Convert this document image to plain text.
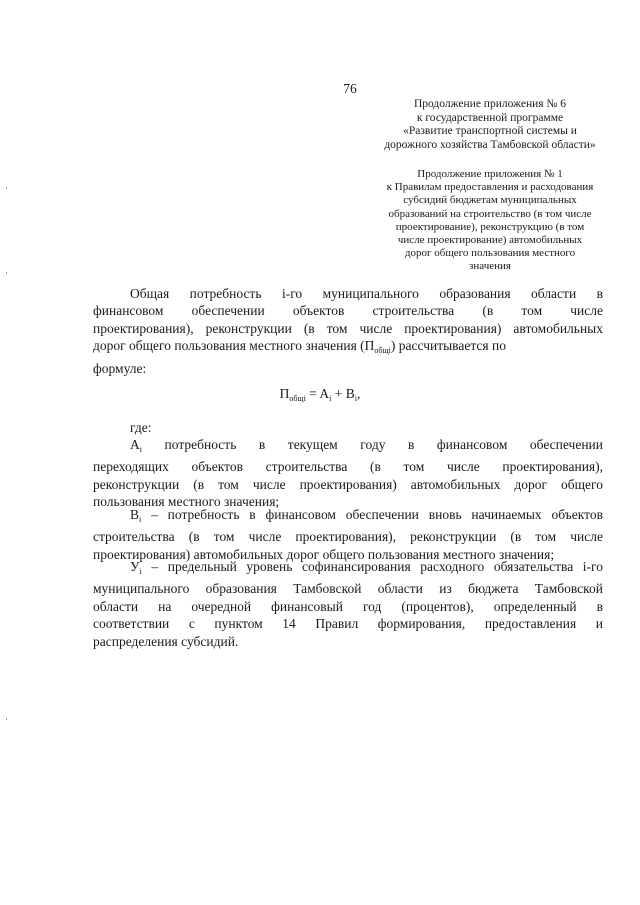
76
Продолжение приложения № 6
к государственной программе
«Развитие транспортной системы и
дорожного хозяйства Тамбовской области»
Продолжение приложения № 1
к Правилам предоставления и расходования
субсидий бюджетам муниципальных
образований на строительство (в том числе
проектирование), реконструкцию (в том
числе проектирование) автомобильных
дорог общего пользования местного
значения
Общая потребность i-го муниципального образования области в
финансовом обеспечении объектов строительства (в том числе
проектирования), реконструкции (в том числе проектирования) автомобильных
дорог общего пользования местного значения $(П_{общi})$ рассчитывается по
формуле:
$П_{общi} = A_i + B_i$,
где:
$А_i$ потребность в текущем году в финансовом обеспечении
переходящих объектов строительства (в том числе проектирования),
реконструкции (в том числе проектирования) автомобильных дорог общего
пользования местного значения;
$В_i$ – потребность в финансовом обеспечении вновь начинаемых объектов
строительства (в том числе проектирования), реконструкции (в том числе
проектирования) автомобильных дорог общего пользования местного значения;
$У_i$ – предельный уровень софинансирования расходного обязательства i-го
муниципального образования Тамбовской области из бюджета Тамбовской
области на очередной финансовый год (процентов), определенный в
соответствии с пунктом 14 Правил формирования, предоставления и
распределения субсидий.
